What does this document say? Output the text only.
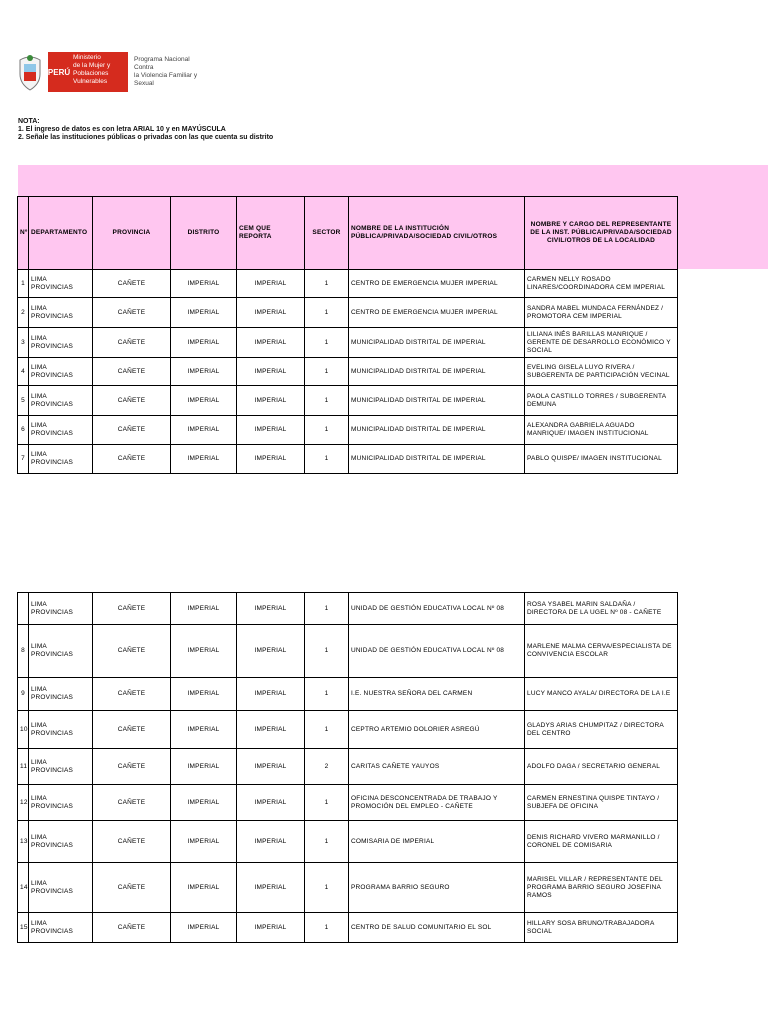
PERÚ
Ministerio
de la Mujer y
Poblaciones Vulnerables
Programa Nacional Contra
la Violencia Familiar y Sexual
NOTA:
1. El ingreso de datos es con letra ARIAL 10 y en MAYÚSCULA
2. Señale las instituciones públicas o privadas con las que cuenta su distrito
Nº	DEPARTAMENTO	PROVINCIA	DISTRITO	CEM QUE REPORTA	SECTOR	NOMBRE DE LA INSTITUCIÓN PÚBLICA/PRIVADA/SOCIEDAD CIVIL/OTROS	NOMBRE Y CARGO DEL REPRESENTANTE DE LA INST. PÚBLICA/PRIVADA/SOCIEDAD CIVIL/OTROS DE LA LOCALIDAD
1	LIMA PROVINCIAS	CAÑETE	IMPERIAL	IMPERIAL	1	CENTRO DE EMERGENCIA MUJER IMPERIAL	CARMEN NELLY ROSADO LINARES/COORDINADORA CEM IMPERIAL
2	LIMA PROVINCIAS	CAÑETE	IMPERIAL	IMPERIAL	1	CENTRO DE EMERGENCIA MUJER IMPERIAL	SANDRA MABEL MUNDACA FERNÁNDEZ / PROMOTORA CEM IMPERIAL
3	LIMA PROVINCIAS	CAÑETE	IMPERIAL	IMPERIAL	1	MUNICIPALIDAD DISTRITAL DE IMPERIAL	LILIANA INÉS BARILLAS MANRIQUE / GERENTE DE DESARROLLO ECONÓMICO Y SOCIAL
4	LIMA PROVINCIAS	CAÑETE	IMPERIAL	IMPERIAL	1	MUNICIPALIDAD DISTRITAL DE IMPERIAL	EVELING GISELA LUYO RIVERA / SUBGERENTA DE PARTICIPACIÓN VECINAL
5	LIMA PROVINCIAS	CAÑETE	IMPERIAL	IMPERIAL	1	MUNICIPALIDAD DISTRITAL DE IMPERIAL	PAOLA CASTILLO TORRES / SUBGERENTA DEMUNA
6	LIMA PROVINCIAS	CAÑETE	IMPERIAL	IMPERIAL	1	MUNICIPALIDAD DISTRITAL DE IMPERIAL	ALEXANDRA GABRIELA AGUADO MANRIQUE/ IMAGEN INSTITUCIONAL
7	LIMA PROVINCIAS	CAÑETE	IMPERIAL	IMPERIAL	1	MUNICIPALIDAD DISTRITAL DE IMPERIAL	PABLO QUISPE/ IMAGEN INSTITUCIONAL
	LIMA PROVINCIAS	CAÑETE	IMPERIAL	IMPERIAL	1	UNIDAD DE GESTIÓN EDUCATIVA LOCAL Nº 08	ROSA YSABEL MARIN SALDAÑA / DIRECTORA DE LA UGEL Nº 08 - CAÑETE
8	LIMA PROVINCIAS	CAÑETE	IMPERIAL	IMPERIAL	1	UNIDAD DE GESTIÓN EDUCATIVA LOCAL Nº 08	MARLENE MALMA CERVA/ESPECIALISTA DE CONVIVENCIA ESCOLAR
9	LIMA PROVINCIAS	CAÑETE	IMPERIAL	IMPERIAL	1	I.E. NUESTRA SEÑORA DEL CARMEN	LUCY MANCO AYALA/ DIRECTORA DE LA I.E
10	LIMA PROVINCIAS	CAÑETE	IMPERIAL	IMPERIAL	1	CEPTRO ARTEMIO DOLORIER ASREGÚ	GLADYS ARIAS CHUMPITAZ / DIRECTORA DEL CENTRO
11	LIMA PROVINCIAS	CAÑETE	IMPERIAL	IMPERIAL	2	CARITAS CAÑETE YAUYOS	ADOLFO DAGA / SECRETARIO GENERAL
12	LIMA PROVINCIAS	CAÑETE	IMPERIAL	IMPERIAL	1	OFICINA DESCONCENTRADA DE TRABAJO Y PROMOCIÓN DEL EMPLEO - CAÑETE	CARMEN ERNESTINA QUISPE TINTAYO / SUBJEFA DE OFICINA
13	LIMA PROVINCIAS	CAÑETE	IMPERIAL	IMPERIAL	1	COMISARIA DE IMPERIAL	DENIS RICHARD VIVERO MARMANILLO / CORONEL DE COMISARIA
14	LIMA PROVINCIAS	CAÑETE	IMPERIAL	IMPERIAL	1	PROGRAMA BARRIO SEGURO	MARISEL VILLAR / REPRESENTANTE DEL PROGRAMA BARRIO SEGURO JOSEFINA RAMOS
15	LIMA PROVINCIAS	CAÑETE	IMPERIAL	IMPERIAL	1	CENTRO DE SALUD COMUNITARIO EL SOL	HILLARY SOSA BRUNO/TRABAJADORA SOCIAL
